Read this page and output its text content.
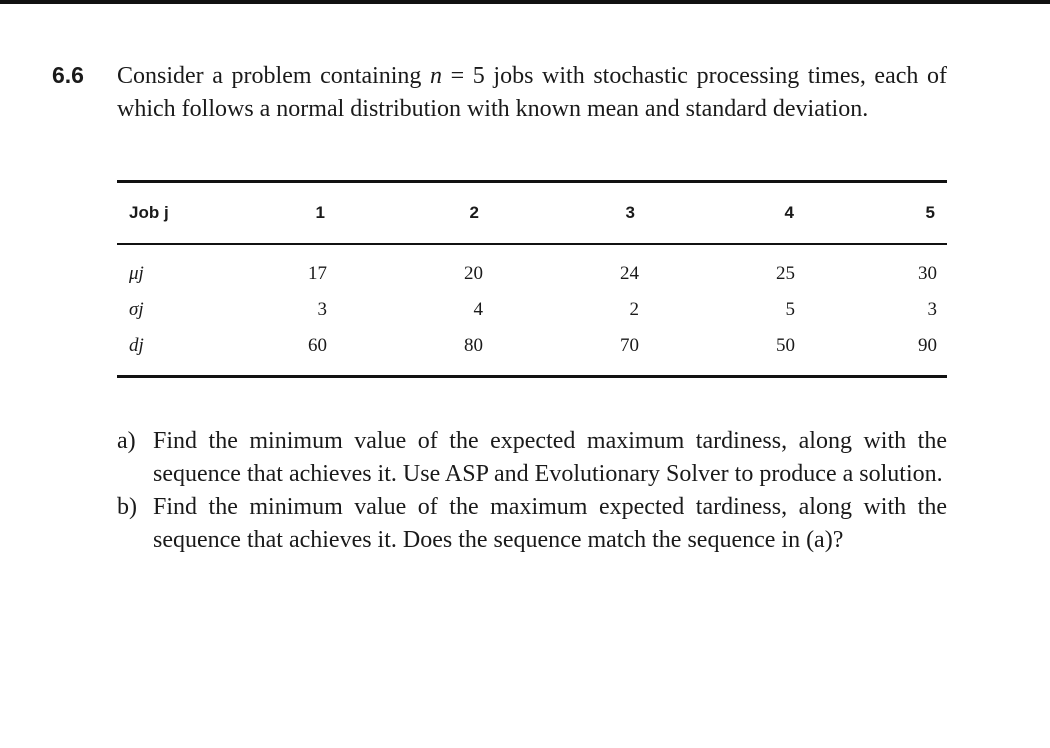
6.6 Consider a problem containing n = 5 jobs with stochastic processing times, each of which follows a normal distribution with known mean and standard deviation.
Job j	1	2	3	4	5
μj	17	20	24	25	30
σj	3	4	2	5	3
dj	60	80	70	50	90
a) Find the minimum value of the expected maximum tardiness, along with the sequence that achieves it. Use ASP and Evolutionary Solver to produce a solution.
b) Find the minimum value of the maximum expected tardiness, along with the sequence that achieves it. Does the sequence match the sequence in (a)?
